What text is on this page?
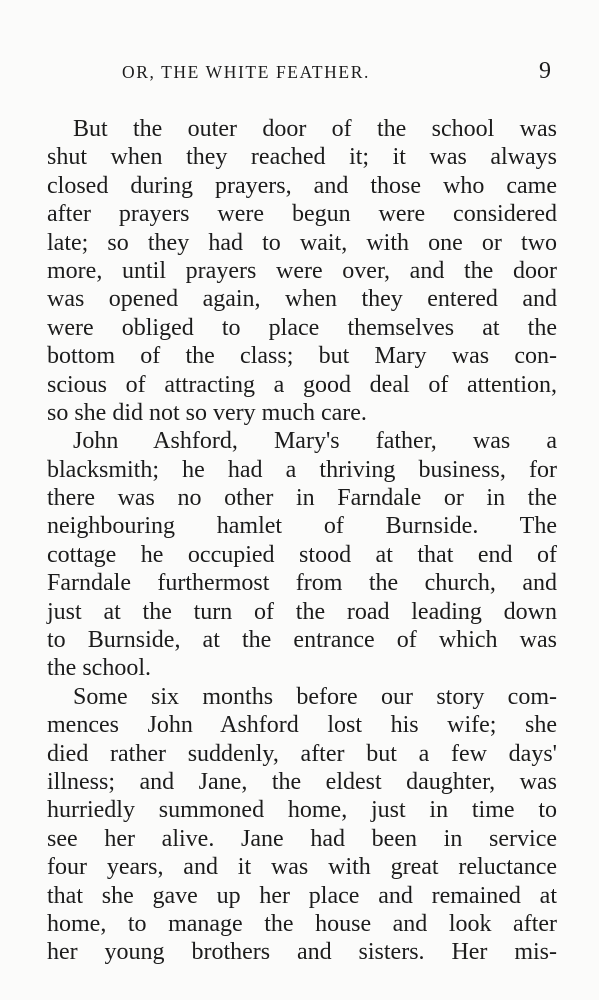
OR, THE WHITE FEATHER.	9
But the outer door of the school was
shut when they reached it; it was always
closed during prayers, and those who came
after prayers were begun were considered
late; so they had to wait, with one or two
more, until prayers were over, and the door
was opened again, when they entered and
were obliged to place themselves at the
bottom of the class; but Mary was con-
scious of attracting a good deal of attention,
so she did not so very much care.
John Ashford, Mary's father, was a
blacksmith; he had a thriving business, for
there was no other in Farndale or in the
neighbouring hamlet of Burnside. The
cottage he occupied stood at that end of
Farndale furthermost from the church, and
just at the turn of the road leading down
to Burnside, at the entrance of which was
the school.
Some six months before our story com-
mences John Ashford lost his wife; she
died rather suddenly, after but a few days'
illness; and Jane, the eldest daughter, was
hurriedly summoned home, just in time to
see her alive. Jane had been in service
four years, and it was with great reluctance
that she gave up her place and remained at
home, to manage the house and look after
her young brothers and sisters. Her mis-
